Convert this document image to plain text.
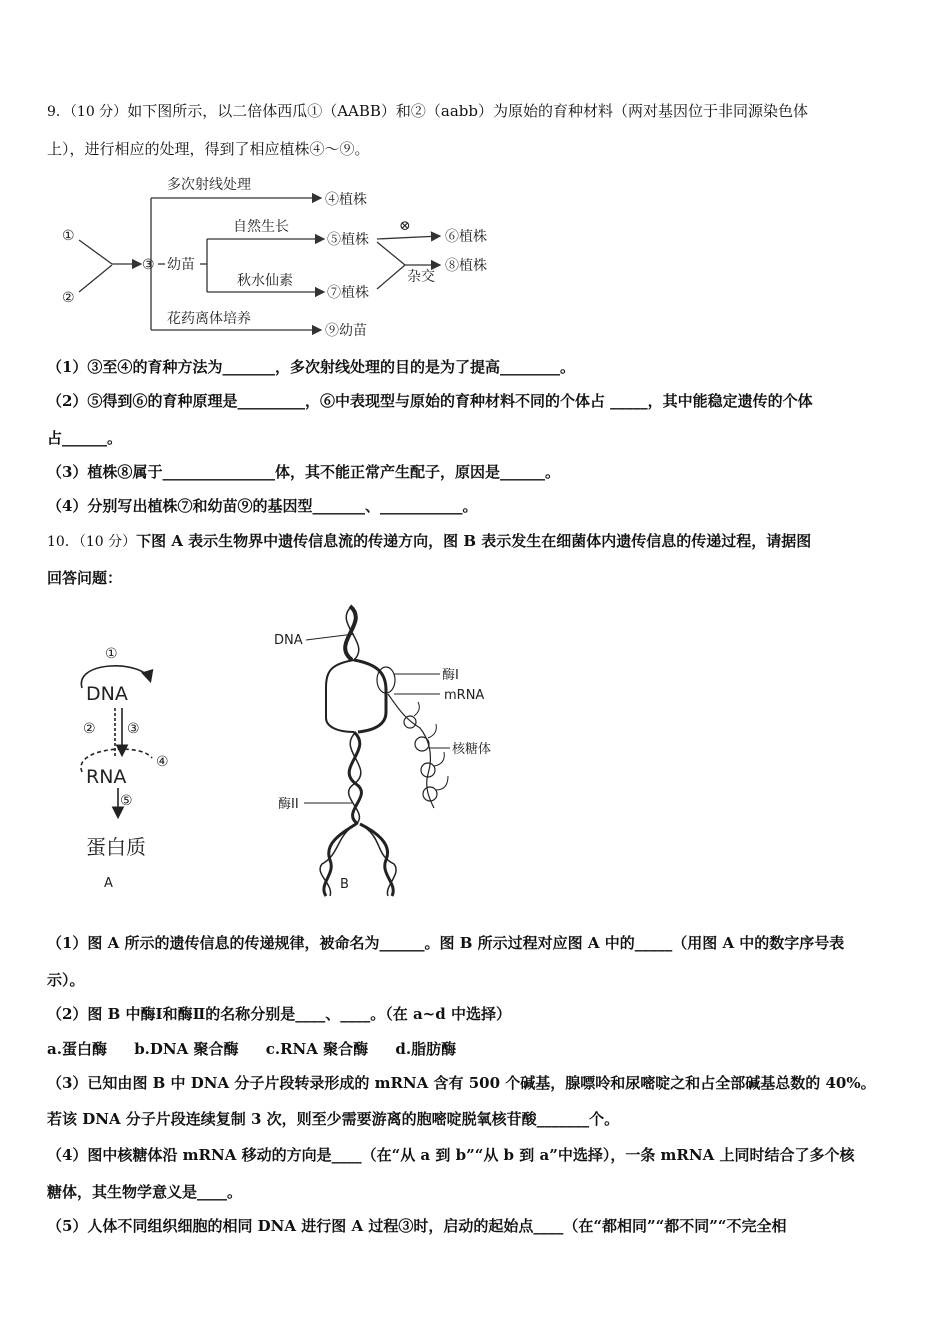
9．（10 分）如下图所示，以二倍体西瓜①（AABB）和②（aabb）为原始的育种材料（两对基因位于非同源染色体
上），进行相应的处理，得到了相应植株④～⑨。
①
②
③ 幼苗
多次射线处理
自然生长
秋水仙素
花药离体培养
⊗
杂交
④植株
⑤植株	⑥植株
⑦植株
⑧植株
⑨幼苗
（1）③至④的育种方法为_______，多次射线处理的目的是为了提高________。
（2）⑤得到⑥的育种原理是_________，⑥中表现型与原始的育种材料不同的个体占 _____，其中能稳定遗传的个体
占______。
（3）植株⑧属于_______________体，其不能正常产生配子，原因是______。
（4）分别写出植株⑦和幼苗⑨的基因型_______、___________。
10．（10 分）下图 A 表示生物界中遗传信息流的传递方向，图 B 表示发生在细菌体内遗传信息的传递过程，请据图
回答问题：
①
② ③
④
⑤
DNA
RNA
蛋白质
A
DNA
酶I
mRNA
核糖体
酶II
B
（1）图 A 所示的遗传信息的传递规律，被命名为______。图 B 所示过程对应图 A 中的_____（用图 A 中的数字序号表
示）。
（2）图 B 中酶Ⅰ和酶Ⅱ的名称分别是____、____。（在 a~d 中选择）
a.蛋白酶 b.DNA 聚合酶 c.RNA 聚合酶 d.脂肪酶
（3）已知由图 B 中 DNA 分子片段转录形成的 mRNA 含有 500 个碱基，腺嘌呤和尿嘧啶之和占全部碱基总数的 40%。
若该 DNA 分子片段连续复制 3 次，则至少需要游离的胞嘧啶脱氧核苷酸_______个。
（4）图中核糖体沿 mRNA 移动的方向是____（在“从 a 到 b”“从 b 到 a”中选择），一条 mRNA 上同时结合了多个核
糖体，其生物学意义是____。
（5）人体不同组织细胞的相同 DNA 进行图 A 过程③时，启动的起始点____（在“都相同”“都不同”“不完全相
